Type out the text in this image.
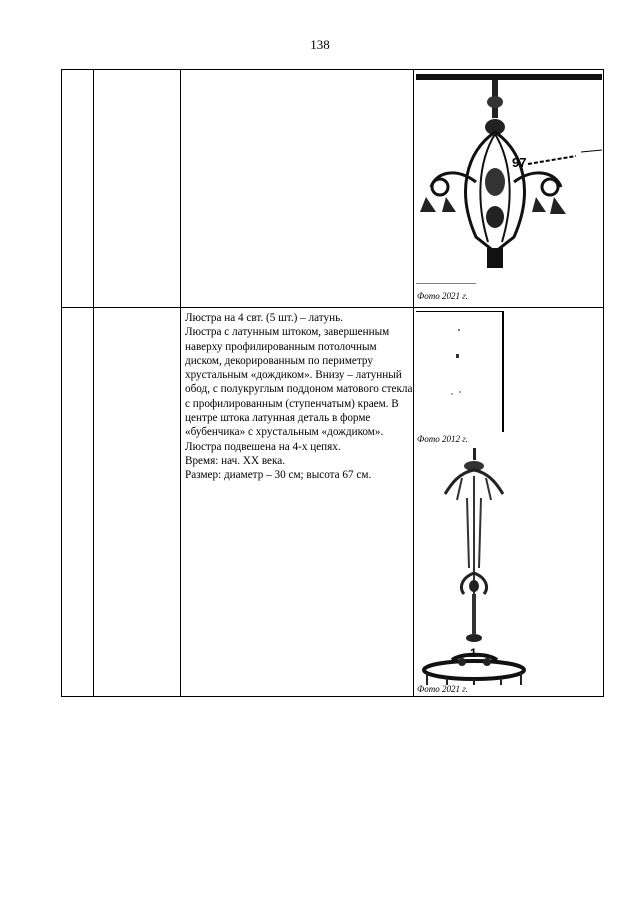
138
97
Фото 2021 г.

Люстра на 4 свт. (5 шт.) – латунь.

Люстра с латунным штоком, завершенным наверху профилированным потолочным диском, декорированным по периметру хрустальным «дождиком». Внизу – латунный обод, с полукруглым поддоном матового стекла с профилированным (ступенчатым) краем. В центре штока латунная деталь в форме «бубенчика» с хрустальным «дождиком». Люстра подвешена на 4-х цепях.

Время: нач. XX века.

Размер: диаметр – 30 см; высота 67 см.

Фото 2012 г.
1
Фото 2021 г.
